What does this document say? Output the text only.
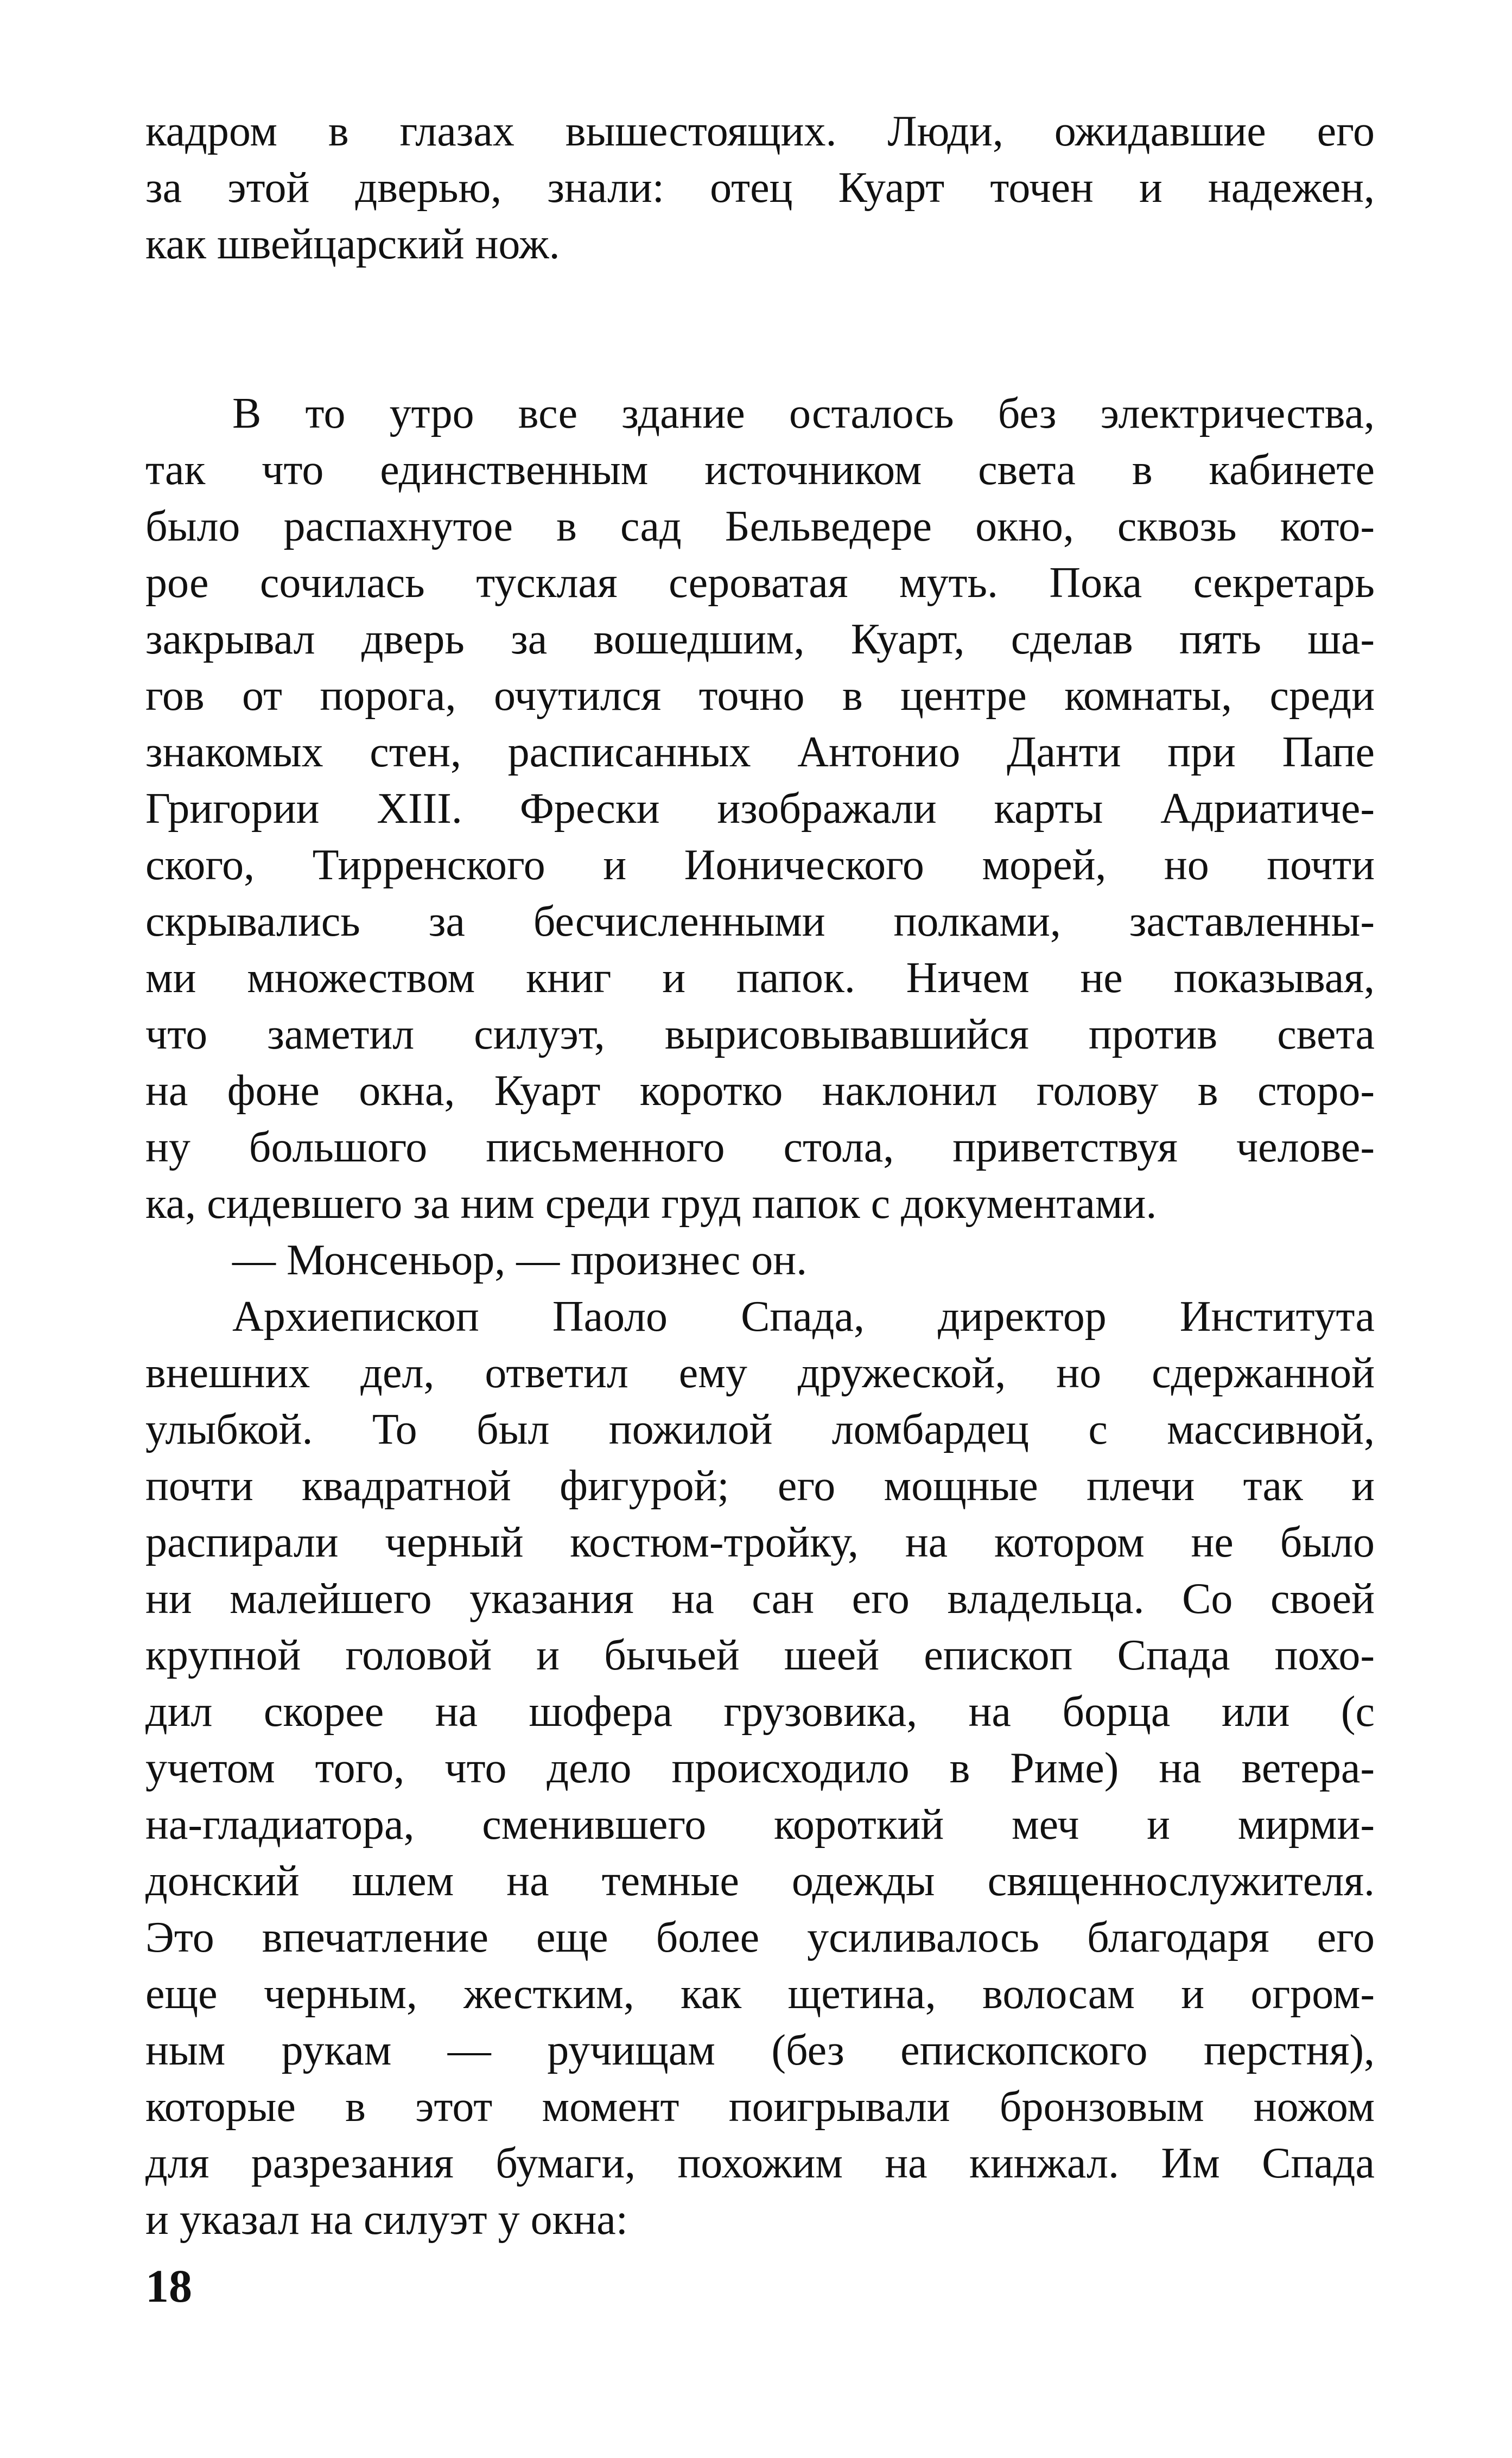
кадром в глазах вышестоящих. Люди, ожидавшие его
за этой дверью, знали: отец Куарт точен и надежен,
как швейцарский нож.
В то утро все здание осталось без электричества,
так что единственным источником света в кабинете
было распахнутое в сад Бельведере окно, сквозь кото-
рое сочилась тусклая сероватая муть. Пока секретарь
закрывал дверь за вошедшим, Куарт, сделав пять ша-
гов от порога, очутился точно в центре комнаты, среди
знакомых стен, расписанных Антонио Данти при Папе
Григории XIII. Фрески изображали карты Адриатиче-
ского, Тирренского и Ионического морей, но почти
скрывались за бесчисленными полками, заставленны-
ми множеством книг и папок. Ничем не показывая,
что заметил силуэт, вырисовывавшийся против света
на фоне окна, Куарт коротко наклонил голову в сторо-
ну большого письменного стола, приветствуя челове-
ка, сидевшего за ним среди груд папок с документами.
— Монсеньор, — произнес он.
Архиепископ Паоло Спада, директор Института
внешних дел, ответил ему дружеской, но сдержанной
улыбкой. То был пожилой ломбардец с массивной,
почти квадратной фигурой; его мощные плечи так и
распирали черный костюм-тройку, на котором не было
ни малейшего указания на сан его владельца. Со своей
крупной головой и бычьей шеей епископ Спада похо-
дил скорее на шофера грузовика, на борца или (с
учетом того, что дело происходило в Риме) на ветера-
на-гладиатора, сменившего короткий меч и мирми-
донский шлем на темные одежды священнослужителя.
Это впечатление еще более усиливалось благодаря его
еще черным, жестким, как щетина, волосам и огром-
ным рукам — ручищам (без епископского перстня),
которые в этот момент поигрывали бронзовым ножом
для разрезания бумаги, похожим на кинжал. Им Спада
и указал на силуэт у окна:
18
